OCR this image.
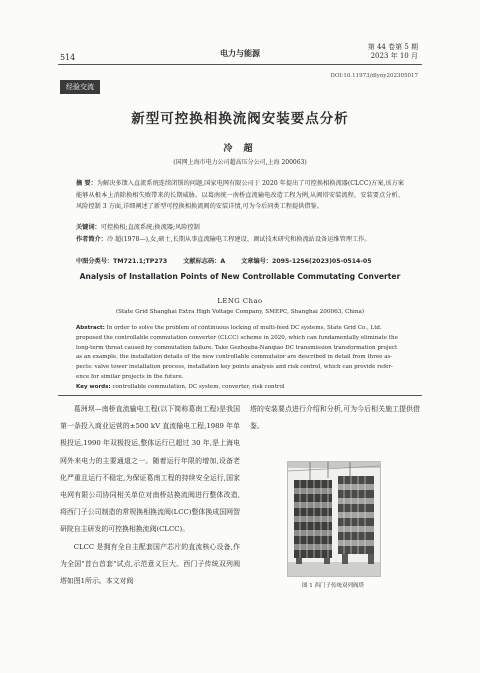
514	电力与能源
第 44 卷第 5 期
2023 年 10 月
经验交流
DOI:10.11973/dlyny202305017
新型可控换相换流阀安装要点分析
冷 超
(国网上海市电力公司超高压分公司,上海 200063)
摘 要：为解决多馈入直流系统连续闭锁的问题,国家电网有限公司于 2020 年提出了可控换相换流器(CLCC)方案,该方案能够从根本上消除换相失败带来的长期威胁。以葛南统一南桥直流输电改造工程为例,从阀塔安装流程、安装要点分析、风险控制 3 方面,详细阐述了新型可控换相换流阀的安装详情,可为今后同类工程提供借鉴。
关键词：可控换相;直流系统;换流器;风险控制
作者简介：冷 超(1978—),女,硕士,长期从事直流输电工程建设、调试技术研究和换流站设备运维管理工作。
中图分类号：TM721.1;TP273	文献标志码：A	文章编号：2095-1256(2023)05-0514-05
Analysis of Installation Points of New Controllable Commutating Converter
LENG Chao
(State Grid Shanghai Extra High Voltage Company, SMEPC, Shanghai 200063, China)
Abstract: In order to solve the problem of continuous locking of multi-feed DC systems, State Grid Co., Ltd.
proposed the controllable commutation converter (CLCC) scheme in 2020, which can fundamentally eliminate the
long-term threat caused by commutation failure. Take Gezhouba-Nanqiao DC transmission transformation project
as an example, the installation details of the new controllable commutator are described in detail from three as-
pects: valve tower installation process, installation key points analysis and risk control, which can provide refer-
ence for similar projects in the future.
Key words: controllable commutation, DC system, converter, risk control
葛洲坝—南桥直流输电工程(以下简称葛南工程)是我国第一条投入商业运营的±500 kV 直流输电工程,1989 年单极投运,1990 年双极投运,整体运行已超过 30 年,是上海电网外来电力的主要通道之一。随着运行年限的增加,设备老化严重且运行不稳定,为保证葛南工程的持续安全运行,国家电网有限公司协同相关单位对南桥站换流阀进行整体改造,将西门子公司制造的常规换相换流阀(LCC)整体换成国网智研院自主研发的可控换相换流阀(CLCC)。
CLCC 是拥有全自主配套国产芯片的直流核心设备,作为全国"首台首套"试点,示范意义巨大。西门子传统双列阀塔如图1所示。本文对阀
塔的安装要点进行介绍和分析,可为今后相关施工提供借鉴。
图 1 西门子传统双列阀塔
